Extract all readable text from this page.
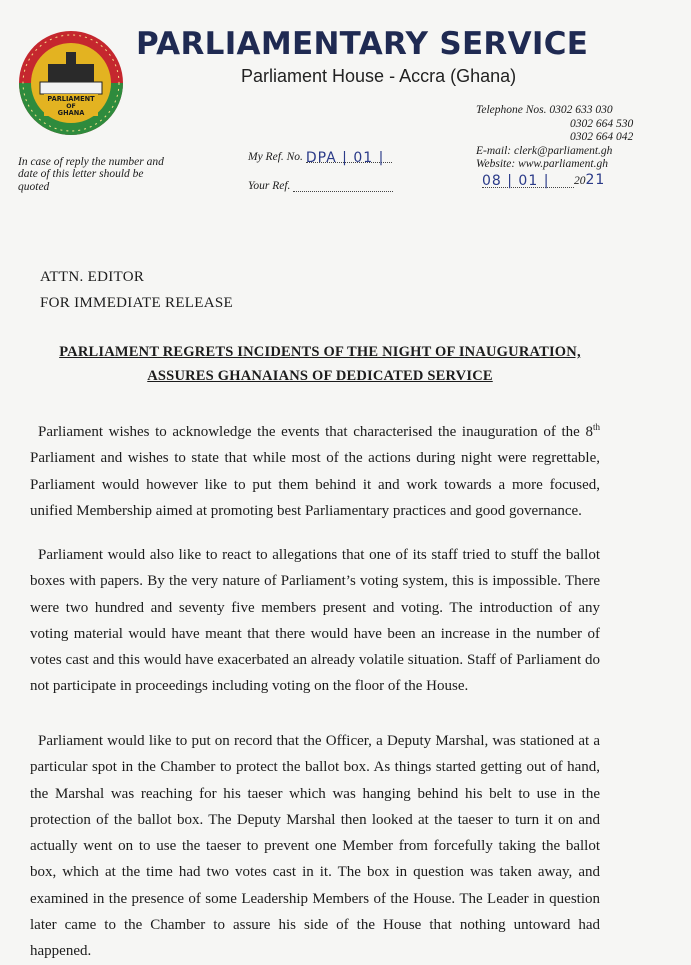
PARLIAMENT
OF
GHANA
PARLIAMENTARY SERVICE
Parliament House - Accra (Ghana)
Telephone Nos. 0302 633 030
0302 664 530
0302 664 042
E-mail: clerk@parliament.gh
Website: www.parliament.gh
In case of reply the number and date of this letter should be quoted
My Ref. No. DPA | 01 |
Your Ref.	08 | 01 |2021
ATTN. EDITOR
FOR IMMEDIATE RELEASE
PARLIAMENT REGRETS INCIDENTS OF THE NIGHT OF INAUGURATION,
ASSURES GHANAIANS OF DEDICATED SERVICE
Parliament wishes to acknowledge the events that characterised the inauguration of the 8th Parliament and wishes to state that while most of the actions during night were regrettable, Parliament would however like to put them behind it and work towards a more focused, unified Membership aimed at promoting best Parliamentary practices and good governance.
Parliament would also like to react to allegations that one of its staff tried to stuff the ballot boxes with papers. By the very nature of Parliament’s voting system, this is impossible. There were two hundred and seventy five members present and voting. The introduction of any voting material would have meant that there would have been an increase in the number of votes cast and this would have exacerbated an already volatile situation. Staff of Parliament do not participate in proceedings including voting on the floor of the House.
Parliament would like to put on record that the Officer, a Deputy Marshal, was stationed at a particular spot in the Chamber to protect the ballot box. As things started getting out of hand, the Marshal was reaching for his taeser which was hanging behind his belt to use in the protection of the ballot box. The Deputy Marshal then looked at the taeser to turn it on and actually went on to use the taeser to prevent one Member from forcefully taking the ballot box, which at the time had two votes cast in it. The box in question was taken away, and examined in the presence of some Leadership Members of the House. The Leader in question later came to the Chamber to assure his side of the House that nothing untoward had happened.
